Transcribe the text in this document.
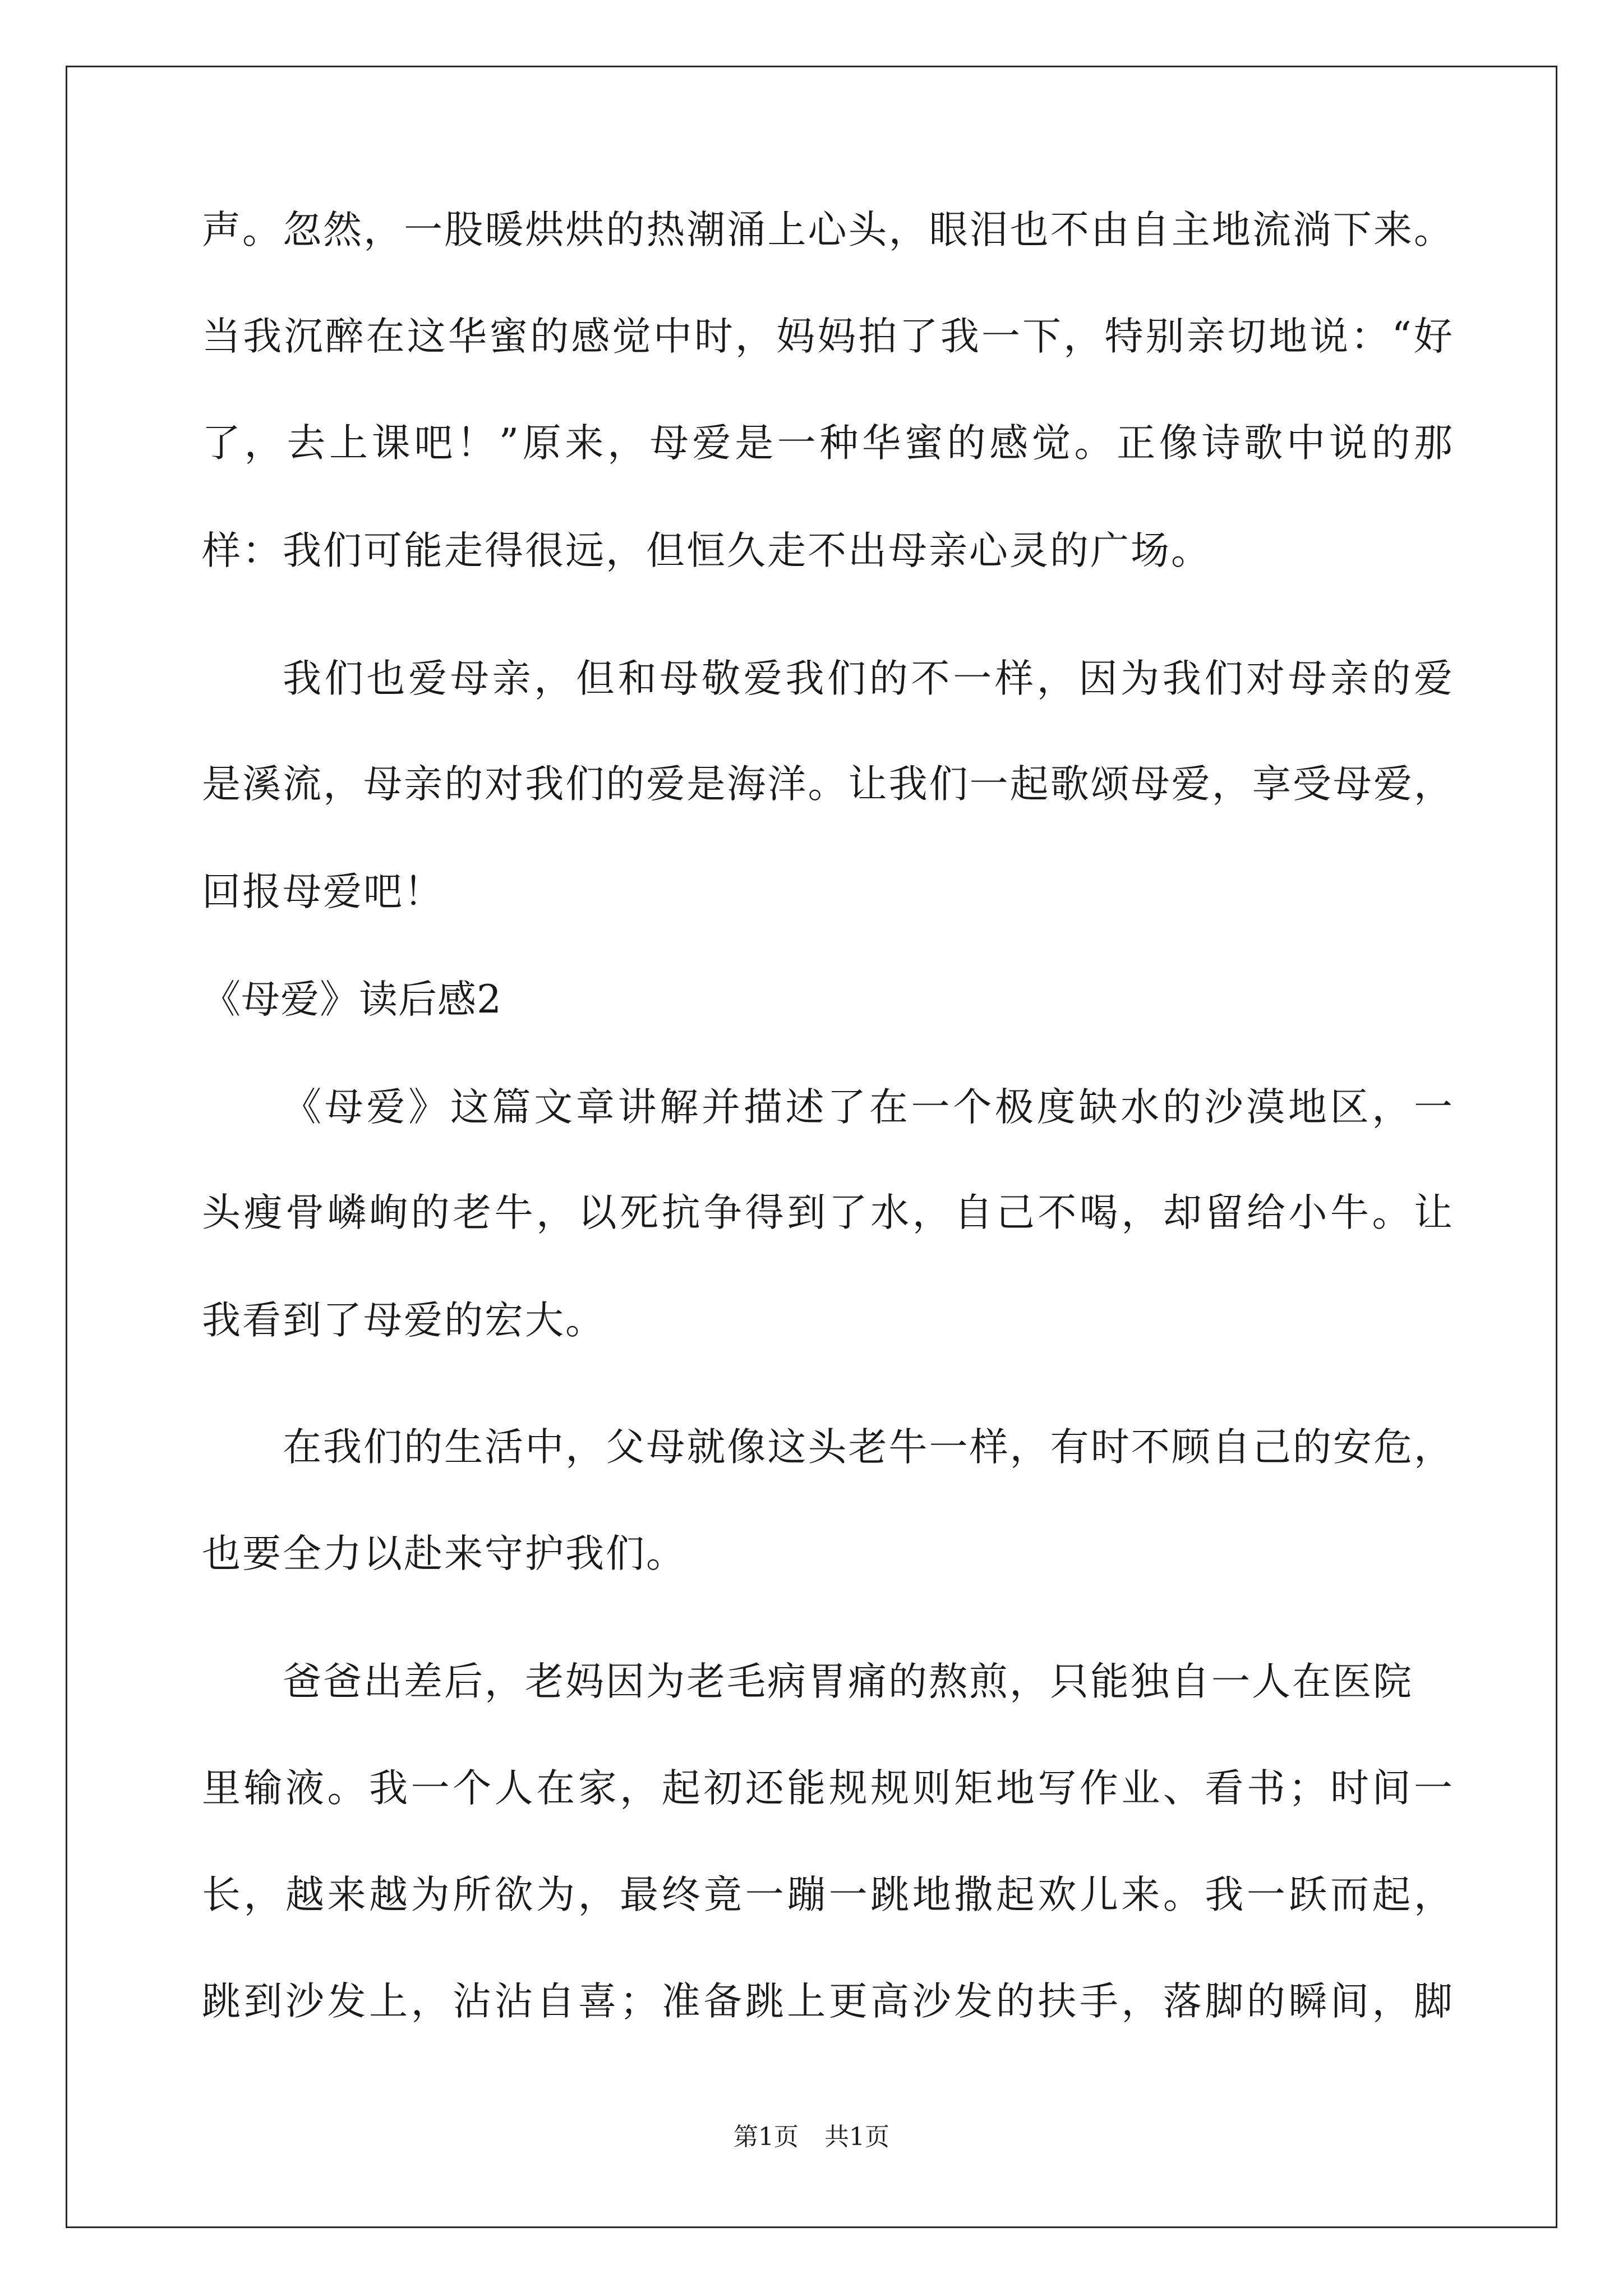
声。忽然，一股暖烘烘的热潮涌上心头，眼泪也不由自主地流淌下来。
当我沉醉在这华蜜的感觉中时，妈妈拍了我一下，特别亲切地说：“好
了，去上课吧！”原来，母爱是一种华蜜的感觉。正像诗歌中说的那
样：我们可能走得很远，但恒久走不出母亲心灵的广场。
我们也爱母亲，但和母敬爱我们的不一样，因为我们对母亲的爱
是溪流，母亲的对我们的爱是海洋。让我们一起歌颂母爱，享受母爱，
回报母爱吧！
《母爱》读后感2
《母爱》这篇文章讲解并描述了在一个极度缺水的沙漠地区，一
头瘦骨嶙峋的老牛，以死抗争得到了水，自己不喝，却留给小牛。让
我看到了母爱的宏大。
在我们的生活中，父母就像这头老牛一样，有时不顾自己的安危，
也要全力以赴来守护我们。
爸爸出差后，老妈因为老毛病胃痛的熬煎，只能独自一人在医院
里输液。我一个人在家，起初还能规规则矩地写作业、看书；时间一
长，越来越为所欲为，最终竟一蹦一跳地撒起欢儿来。我一跃而起，
跳到沙发上，沾沾自喜；准备跳上更高沙发的扶手，落脚的瞬间，脚
第1页 共1页
